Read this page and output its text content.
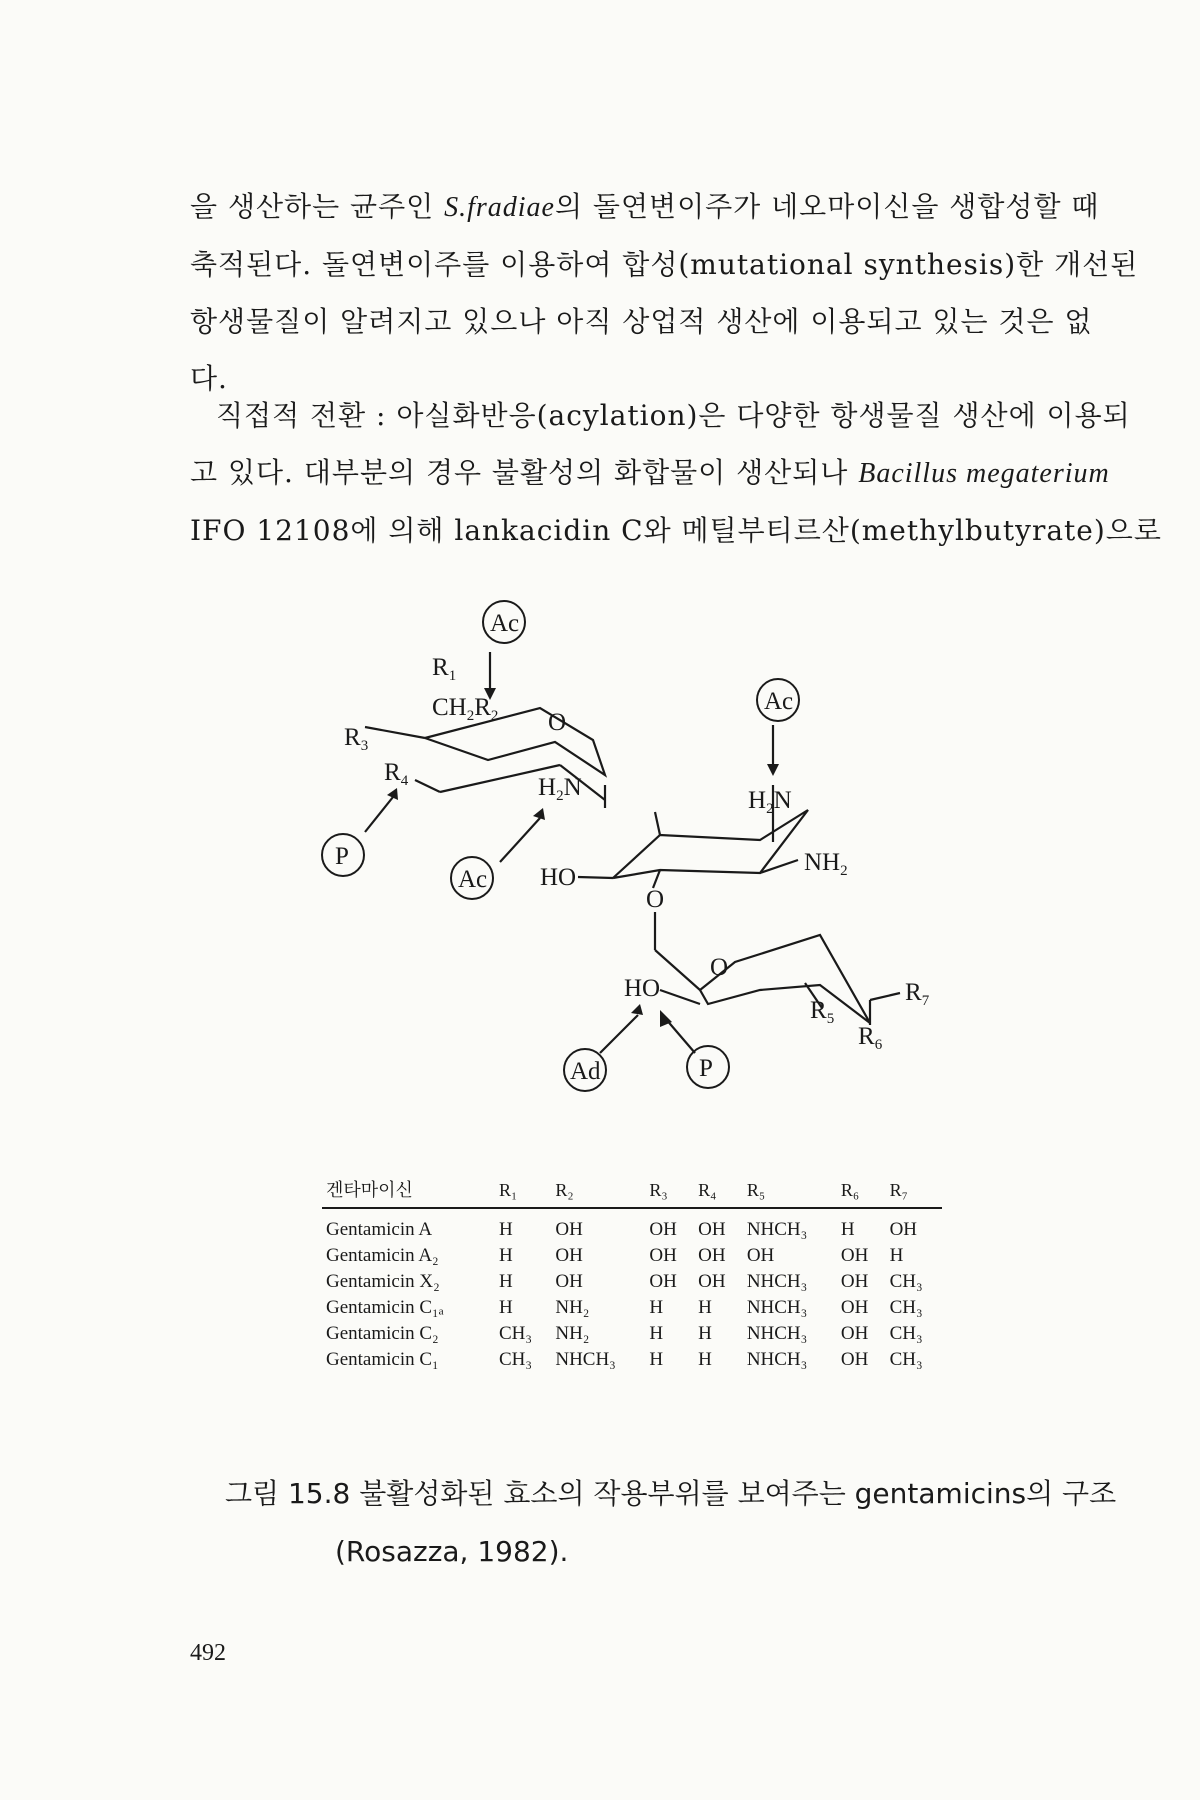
을 생산하는 균주인 S.fradiae의 돌연변이주가 네오마이신을 생합성할 때
축적된다. 돌연변이주를 이용하여 합성(mutational synthesis)한 개선된
항생물질이 알려지고 있으나 아직 상업적 생산에 이용되고 있는 것은 없
다.
직접적 전환 : 아실화반응(acylation)은 다양한 항생물질 생산에 이용되
고 있다. 대부분의 경우 불활성의 화합물이 생산되나 Bacillus megaterium
IFO 12108에 의해 lankacidin C와 메틸부티르산(methylbutyrate)으로
Ac
Ac
Ac
P
Ad	P
$R_1$
$CH_2R_2$ O
$R_3$
$R_4$	$H_2N$	$H_2N$
$NH_2$
HO
O
O
HO
$R_5$
$R_6$
$R_7$
겐타마이신	R₁	R₂	R₃	R₄	R₅	R₆	R₇
Gentamicin A	H	OH	OH	OH	NHCH₃	H	OH
Gentamicin A₂	H	OH	OH	OH	OH	OH	H
Gentamicin X₂	H	OH	OH	OH	NHCH₃	OH	CH₃
Gentamicin C₁ₐ	H	NH₂	H	H	NHCH₃	OH	CH₃
Gentamicin C₂	CH₃	NH₂	H	H	NHCH₃	OH	CH₃
Gentamicin C₁	CH₃	NHCH₃	H	H	NHCH₃	OH	CH₃
그림 15.8 불활성화된 효소의 작용부위를 보여주는 gentamicins의 구조
(Rosazza, 1982).
492
